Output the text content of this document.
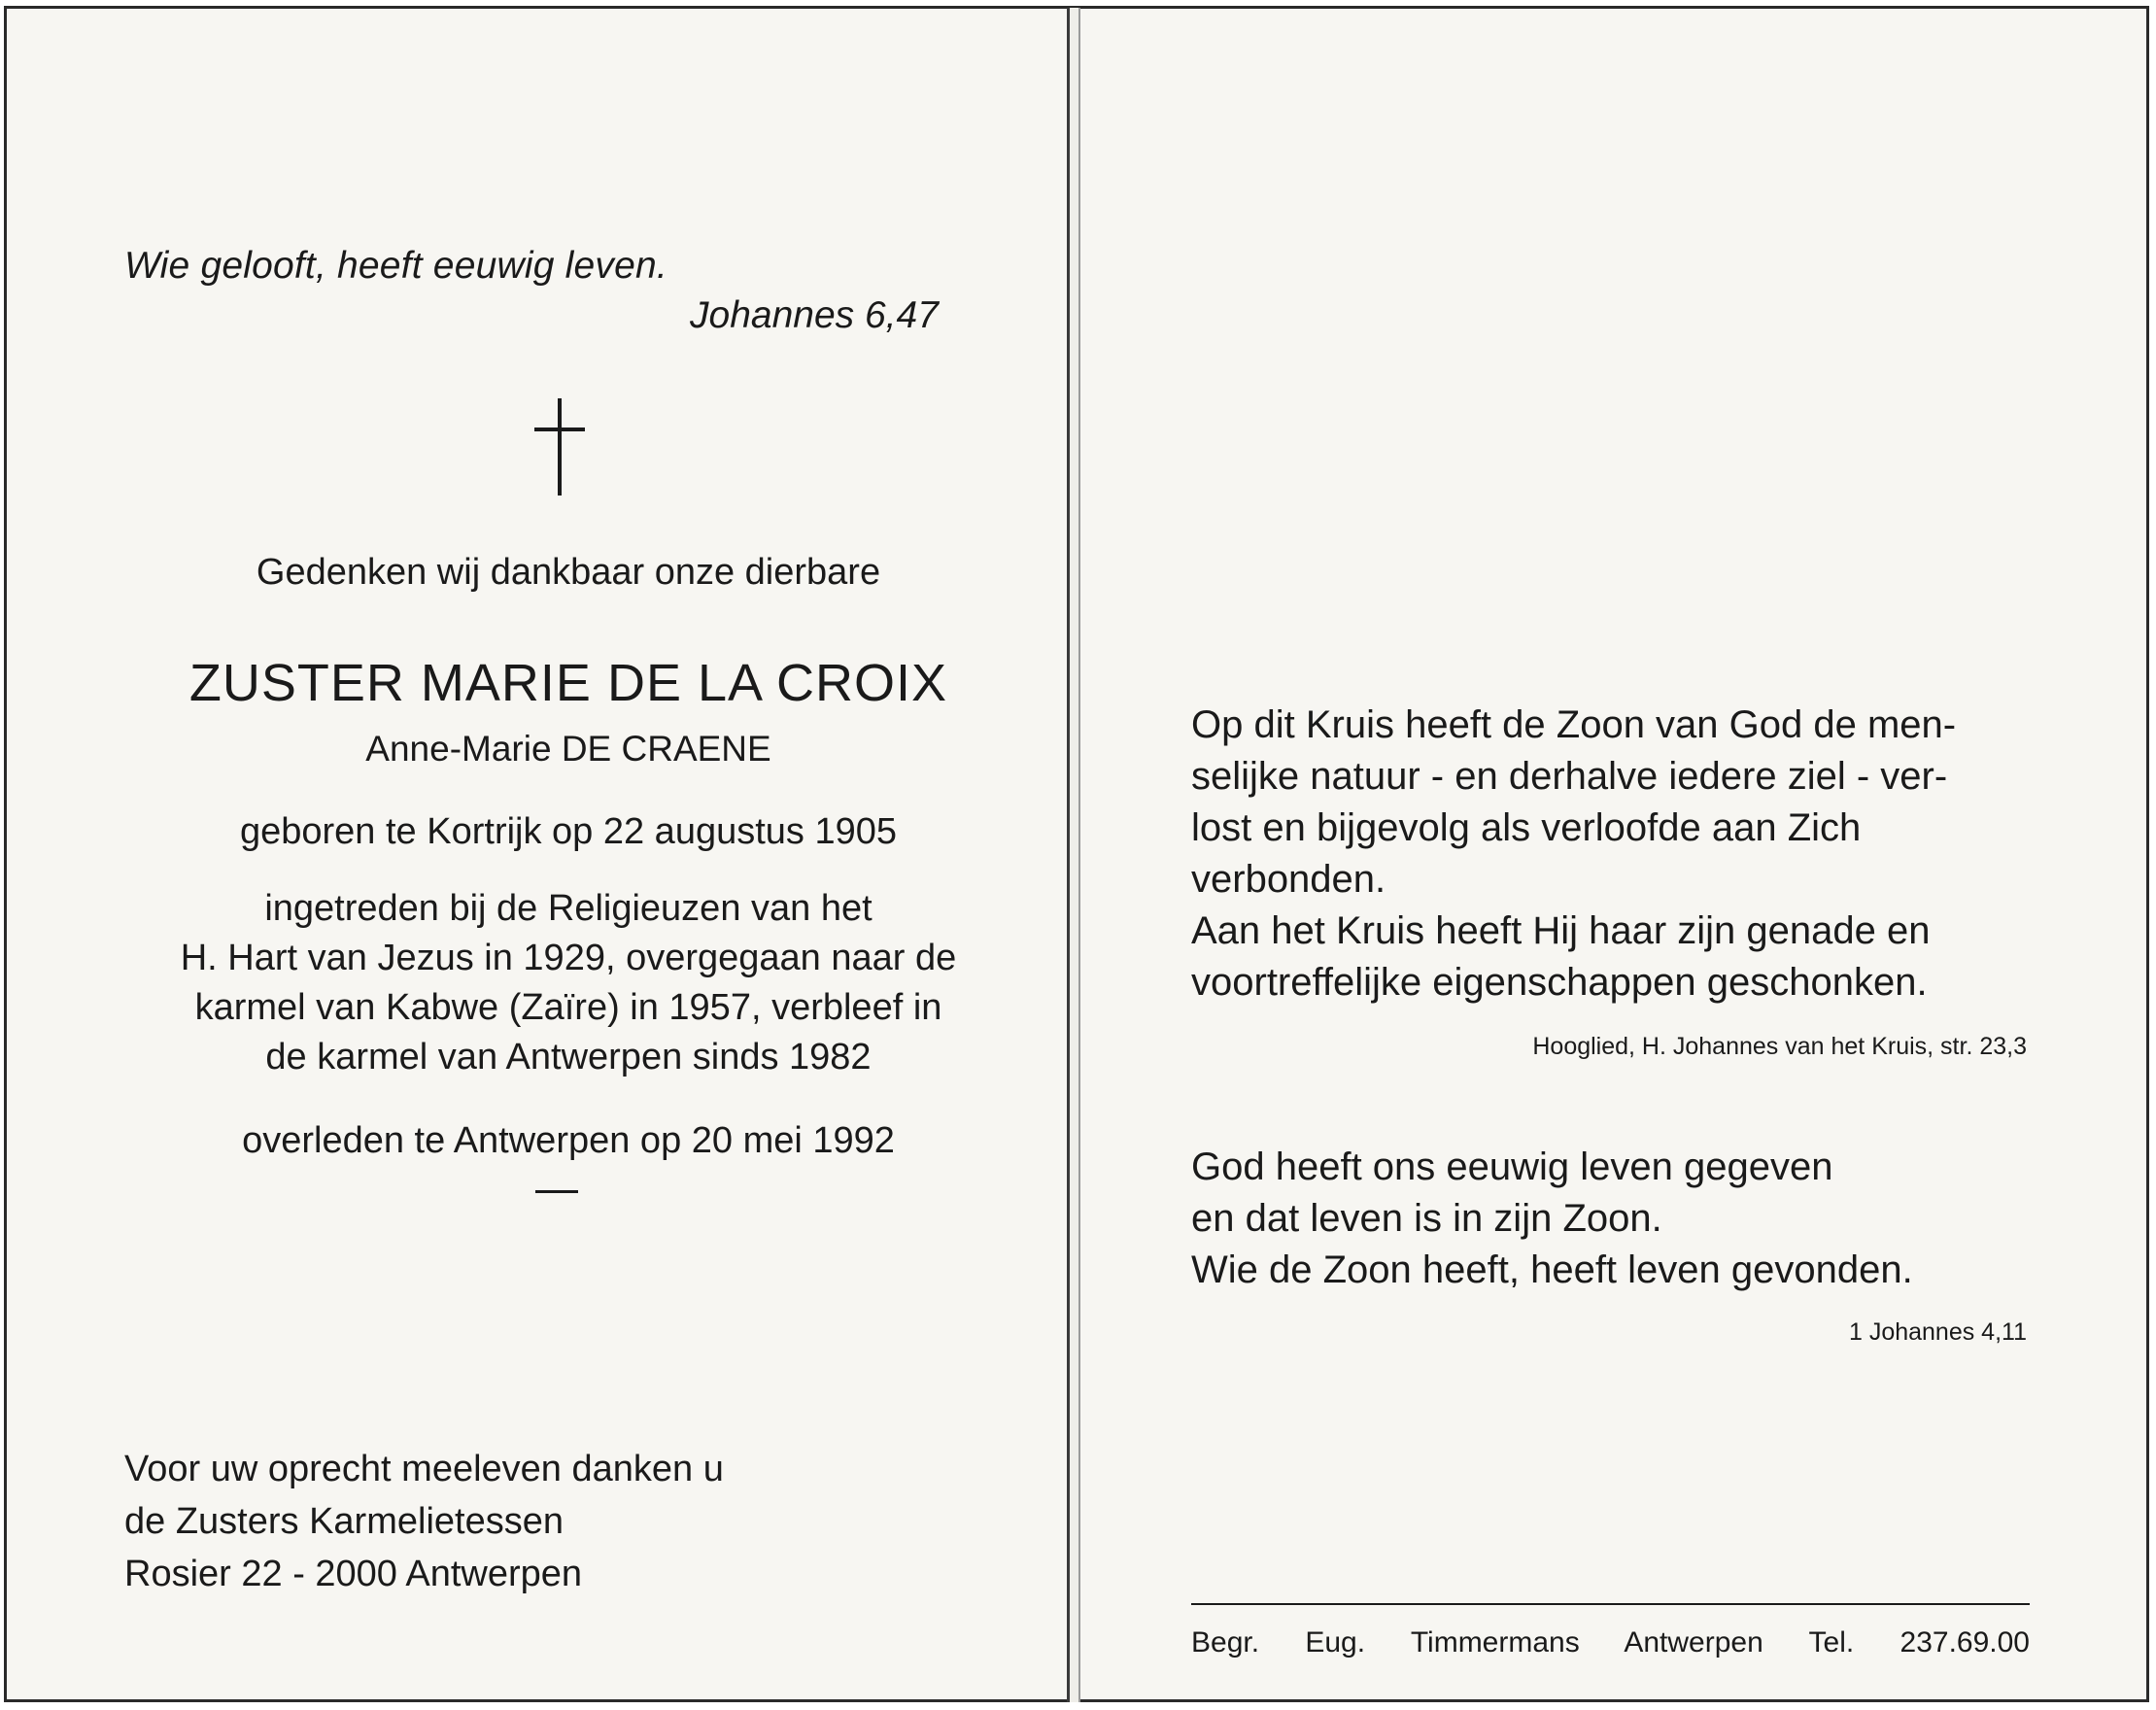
Wie gelooft, heeft eeuwig leven.
Johannes 6,47
Gedenken wij dankbaar onze dierbare
ZUSTER MARIE DE LA CROIX
Anne-Marie DE CRAENE
geboren te Kortrijk op 22 augustus 1905
ingetreden bij de Religieuzen van het
H. Hart van Jezus in 1929, overgegaan naar de
karmel van Kabwe (Zaïre) in 1957, verbleef in
de karmel van Antwerpen sinds 1982
overleden te Antwerpen op 20 mei 1992
Voor uw oprecht meeleven danken u
de Zusters Karmelietessen
Rosier 22 - 2000 Antwerpen
Op dit Kruis heeft de Zoon van God de men-
selijke natuur - en derhalve iedere ziel - ver-
lost en bijgevolg als verloofde aan Zich
verbonden.
Aan het Kruis heeft Hij haar zijn genade en
voortreffelijke eigenschappen geschonken.
Hooglied, H. Johannes van het Kruis, str. 23,3
God heeft ons eeuwig leven gegeven
en dat leven is in zijn Zoon.
Wie de Zoon heeft, heeft leven gevonden.
1 Johannes 4,11
Begr. Eug. Timmermans Antwerpen Tel. 237.69.00
